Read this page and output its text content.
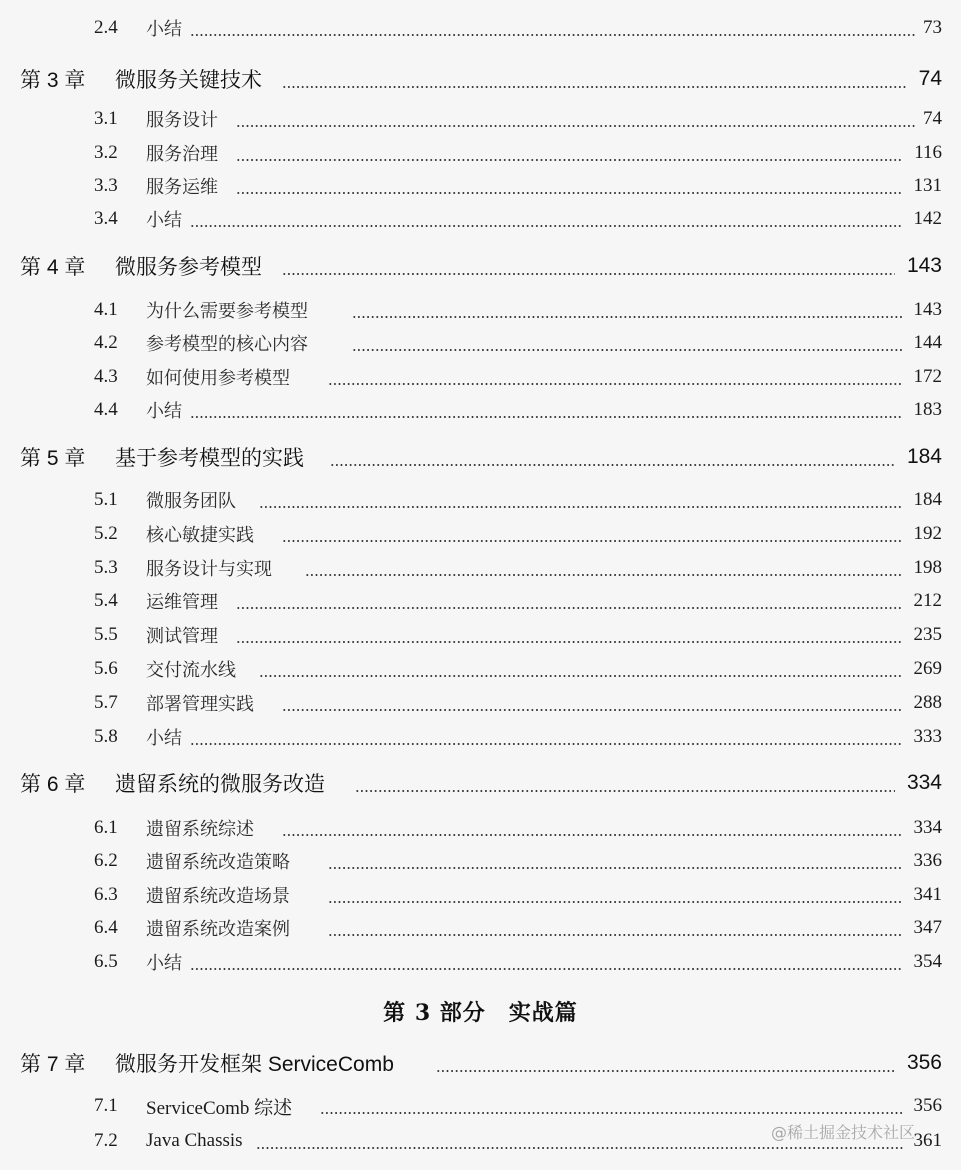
2.4 小结	73
第 3 章 微服务关键技术	74
3.1 服务设计	74
3.2 服务治理	116
3.3 服务运维	131
3.4 小结	142
第 4 章 微服务参考模型	143
4.1 为什么需要参考模型	143
4.2 参考模型的核心内容	144
4.3 如何使用参考模型	172
4.4 小结	183
第 5 章 基于参考模型的实践	184
5.1 微服务团队	184
5.2 核心敏捷实践	192
5.3 服务设计与实现	198
5.4 运维管理	212
5.5 测试管理	235
5.6 交付流水线	269
5.7 部署管理实践	288
5.8 小结	333
第 6 章 遗留系统的微服务改造	334
6.1 遗留系统综述	334
6.2 遗留系统改造策略	336
6.3 遗留系统改造场景	341
6.4 遗留系统改造案例	347
6.5 小结	354
第 7 章 微服务开发框架 ServiceComb	356
7.1 ServiceComb 综述	356
7.2 Java Chassis	361
第 3 部分　实战篇
@稀土掘金技术社区
